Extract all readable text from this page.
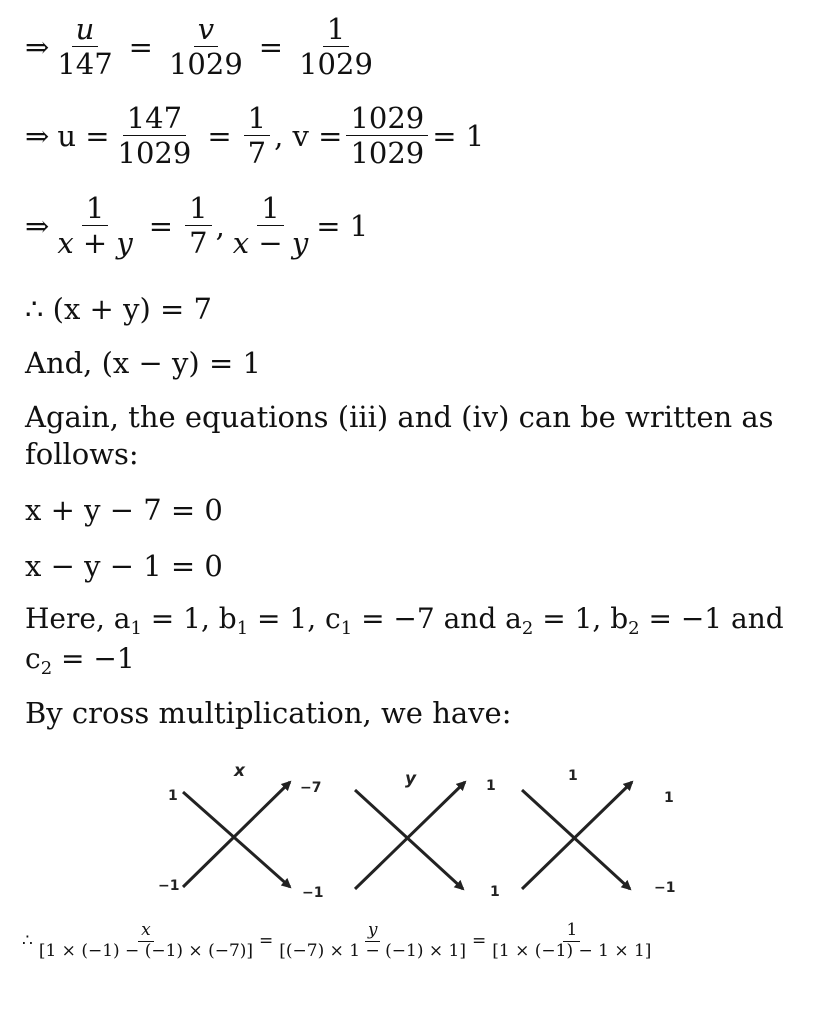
⇒ $\frac{u}{147} = \frac{v}{1029} = \frac{1}{1029}$
⇒ $u = \frac{147}{1029} = \frac{1}{7}$ , $v = \frac{1029}{1029} = 1$
⇒ $\frac{1}{x + y} = \frac{1}{7}$ , $\frac{1}{x - y} = 1$
∴ (x + y) = 7
And, (x − y) = 1
Again, the equations (iii) and (iv) can be written as
follows:
x + y − 7 = 0
x − y − 1 = 0
Here, $a_1 = 1$, $b_1 = 1$, $c_1 = -7$ and $a_2 = 1$, $b_2 = -1$ and
$c_2 = -1$
By cross multiplication, we have:
x
1
−1
−7
−1
y	1
1
1
1
−1
∴ $\frac{x}{[1 \times (-1) - (-1) \times (-7)]} = \frac{y}{[(-7) \times 1 - (-1) \times 1]} = \frac{1}{[1 \times (-1) - 1 \times 1]}$
